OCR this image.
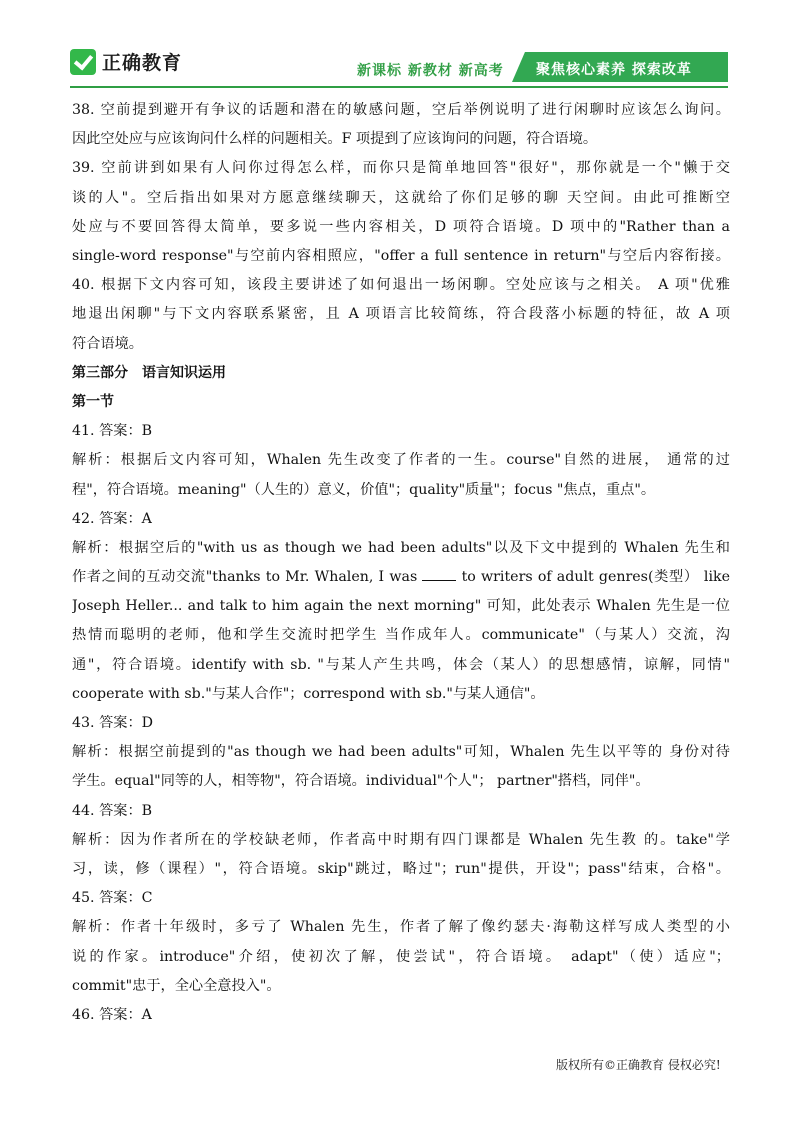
正确教育	新课标 新教材 新高考 聚焦核心素养 探索改革

38. 空前提到避开有争议的话题和潜在的敏感问题，空后举例说明了进行闲聊时应该怎么询问。

因此空处应与应该询问什么样的问题相关。F 项提到了应该询问的问题，符合语境。

39. 空前讲到如果有人问你过得怎么样，而你只是简单地回答"很好"，那你就是一个"懒于交

谈的人"。空后指出如果对方愿意继续聊天，这就给了你们足够的聊 天空间。由此可推断空

处应与不要回答得太简单，要多说一些内容相关，D 项符合语境。D 项中的"Rather than a

single-word response"与空前内容相照应，"offer a full sentence in return"与空后内容衔接。

40. 根据下文内容可知，该段主要讲述了如何退出一场闲聊。空处应该与之相关。 A 项"优雅

地退出闲聊"与下文内容联系紧密，且 A 项语言比较简练，符合段落小标题的特征，故 A 项

符合语境。

第三部分　语言知识运用

第一节

41. 答案：B

解析：根据后文内容可知，Whalen 先生改变了作者的一生。course"自然的进展， 通常的过

程"，符合语境。meaning"（人生的）意义，价值"；quality"质量"；focus "焦点，重点"。

42. 答案：A

解析：根据空后的"with us as though we had been adults"以及下文中提到的 Whalen 先生和

作者之间的互动交流"thanks to Mr. Whalen, I was  to writers of adult genres(类型） like

Joseph Heller... and talk to him again the next morning" 可知，此处表示 Whalen 先生是一位

热情而聪明的老师，他和学生交流时把学生 当作成年人。communicate"（与某人）交流，沟

通"，符合语境。identify with sb. "与某人产生共鸣，体会（某人）的思想感情，谅解，同情"

cooperate with sb."与某人合作"；correspond with sb."与某人通信"。

43. 答案：D

解析：根据空前提到的"as though we had been adults"可知，Whalen 先生以平等的 身份对待

学生。equal"同等的人，相等物"，符合语境。individual"个人"； partner"搭档，同伴"。

44. 答案：B

解析：因为作者所在的学校缺老师，作者高中时期有四门课都是 Whalen 先生教 的。take"学

习，读，修（课程）"，符合语境。skip"跳过，略过"；run"提供，开设"；pass"结束，合格"。

45. 答案：C

解析：作者十年级时，多亏了 Whalen 先生，作者了解了像约瑟夫·海勒这样写成人类型的小

说的作家。introduce"介绍，使初次了解，使尝试"，符合语境。 adapt"（使）适应"；

commit"忠于，全心全意投入"。

46. 答案：A

版权所有©正确教育 侵权必究!
